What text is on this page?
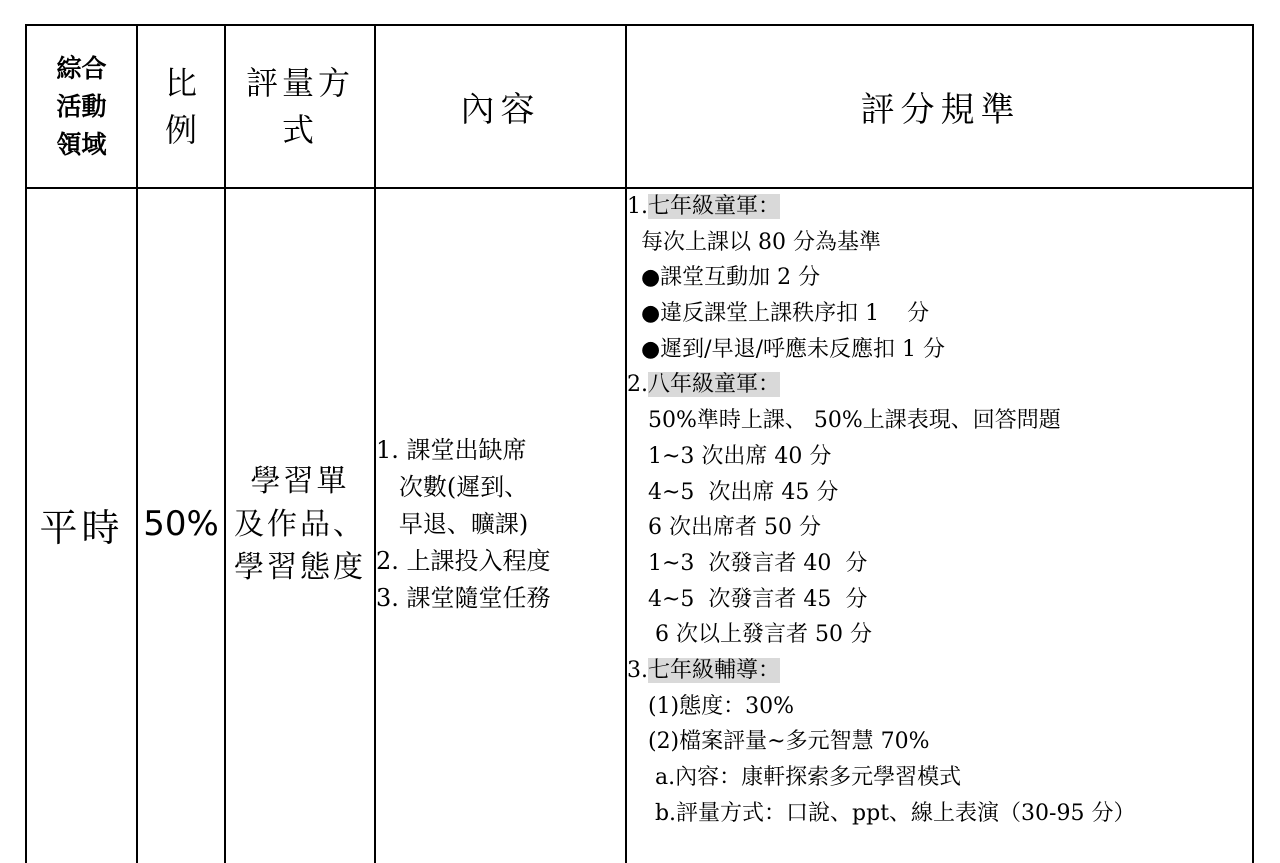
綜合
活動
領域
比
例
評量方
式	內容	評分規準
平時 50%
學習單
及作品、
學習態度
1. 課堂出缺席
次數(遲到、
早退、曠課)
2. 上課投入程度
3. 課堂隨堂任務
1.七年級童軍：
每次上課以 80 分為基準
●課堂互動加 2 分
●違反課堂上課秩序扣 1    分
●遲到/早退/呼應未反應扣 1 分
2.八年級童軍：
50%準時上課、 50%上課表現、回答問題
1~3 次出席 40 分
4~5  次出席 45 分
6 次出席者 50 分
1~3  次發言者 40  分
4~5  次發言者 45  分
6 次以上發言者 50 分
3.七年級輔導：
(1)態度：30%
(2)檔案評量~多元智慧 70%
a.內容：康軒探索多元學習模式
b.評量方式：口說、ppt、線上表演（30-95 分）
